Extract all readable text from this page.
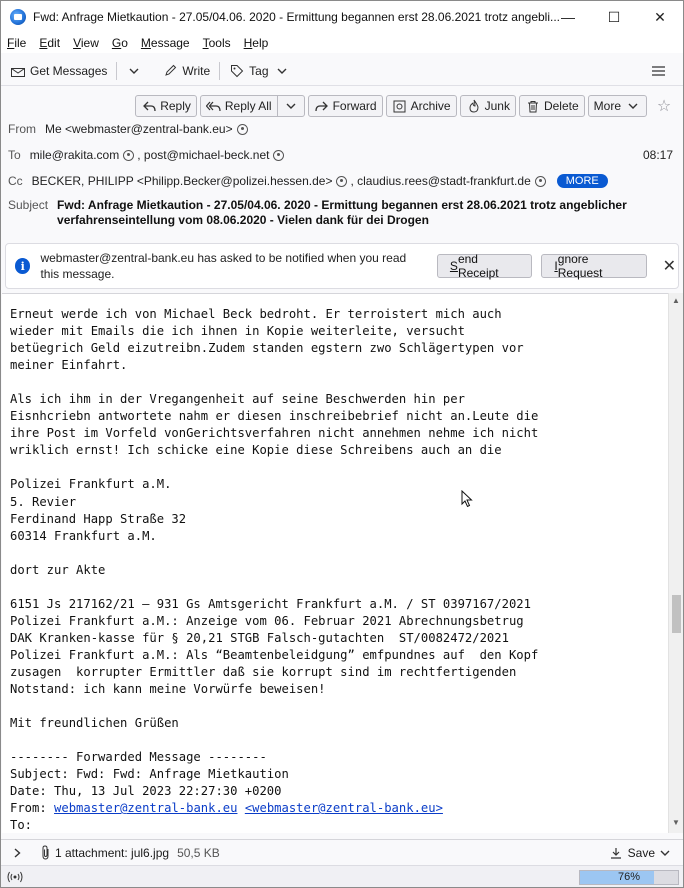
Fwd: Anfrage Mietkaution - 27.05/04.06. 2020 - Ermittung begannen erst 28.06.2021 trotz angebli... —	☐	✕
File Edit View Go Message Tools Help
Get Messages	Write	Tag
Reply	Reply All	Forward	Archive	Junk	Delete More ☆
From Me <webmaster@zentral-bank.eu>
To mile@rakita.com , post@michael-beck.net	08:17
Cc BECKER, PHILIPP <Philipp.Becker@polizei.hessen.de> , claudius.rees@stadt-frankfurt.de	MORE
Subject Fwd: Anfrage Mietkaution - 27.05/04.06. 2020 - Ermittung begannen erst 28.06.2021 trotz angeblicher verfahrenseintellung vom 08.06.2020 - Vielen dank für dei Drogen
i
webmaster@zentral-bank.eu has asked to be notified when you read this message.
S end Receipt	I gnore Request	✕
Erneut werde ich von Michael Beck bedroht. Er terroistert mich auch
wieder mit Emails die ich ihnen in Kopie weiterleite, versucht
betüegrich Geld eizutreibn.Zudem standen egstern zwo Schlägertypen vor
meiner Einfahrt.

Als ich ihm in der Vregangenheit auf seine Beschwerden hin per
Eisnhcriebn antwortete nahm er diesen inschreibebrief nicht an.Leute die
ihre Post im Vorfeld vonGerichtsverfahren nicht annehmen nehme ich nicht
wriklich ernst! Ich schicke eine Kopie diese Schreibens auch an die

Polizei Frankfurt a.M.
5. Revier
Ferdinand Happ Straße 32
60314 Frankfurt a.M.

dort zur Akte

6151 Js 217162/21 – 931 Gs Amtsgericht Frankfurt a.M. / ST 0397167/2021
Polizei Frankfurt a.M.: Anzeige vom 06. Februar 2021 Abrechnungsbetrug
DAK Kranken-kasse für § 20,21 STGB Falsch-gutachten  ST/0082472/2021
Polizei Frankfurt a.M.: Als “Beamtenbeleidgung” emfpundnes auf  den Kopf
zusagen  korrupter Ermittler daß sie korrupt sind im rechtfertigenden
Notstand: ich kann meine Vorwürfe beweisen!

Mit freundlichen Grüßen

-------- Forwarded Message --------
Subject: Fwd: Fwd: Anfrage Mietkaution
Date: Thu, 13 Jul 2023 22:27:30 +0200
From: webmaster@zentral-bank.eu <webmaster@zentral-bank.eu>
To:
▲
▼
1 attachment: jul6.jpg 50,5 KB	Save
76%
